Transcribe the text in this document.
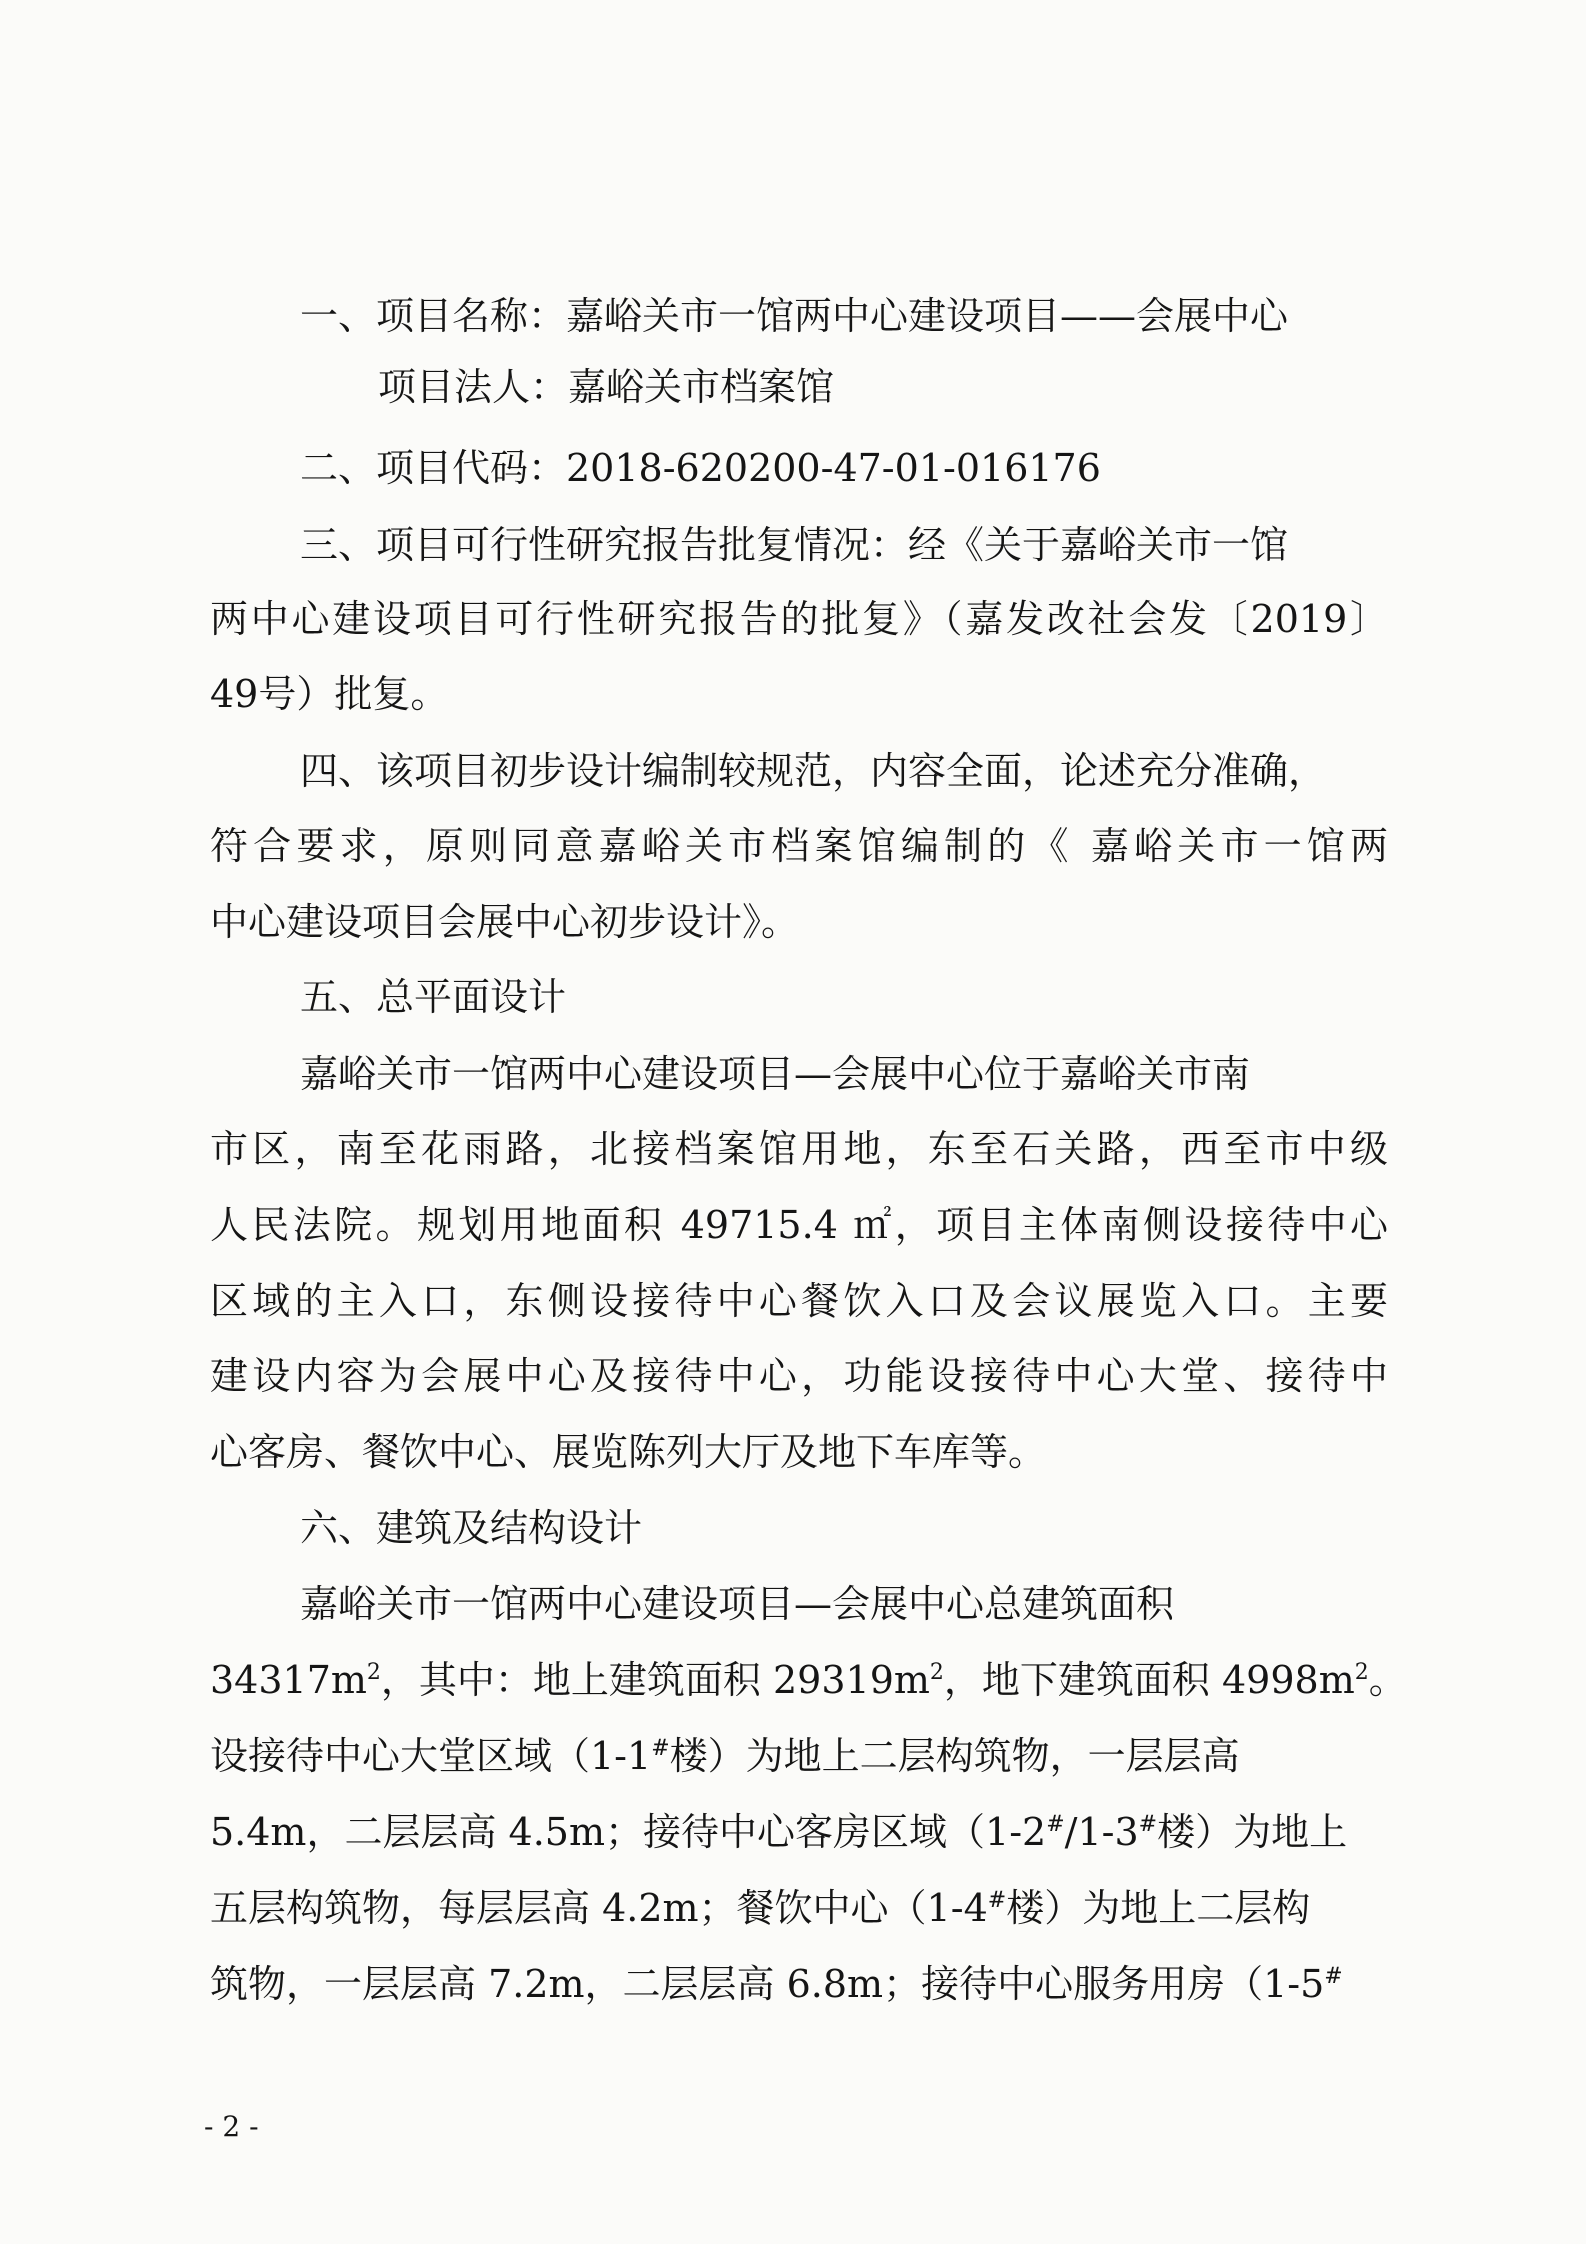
一、项目名称：嘉峪关市一馆两中心建设项目——会展中心
项目法人：嘉峪关市档案馆
二、项目代码：2018-620200-47-01-016176
三、项目可行性研究报告批复情况：经《关于嘉峪关市一馆
两中心建设项目可行性研究报告的批复》（嘉发改社会发〔2019〕
49号）批复。
四、该项目初步设计编制较规范，内容全面，论述充分准确，
符合要求，原则同意嘉峪关市档案馆编制的《 嘉峪关市一馆两
中心建设项目会展中心初步设计》。
五、总平面设计
嘉峪关市一馆两中心建设项目—会展中心位于嘉峪关市南
市区，南至花雨路，北接档案馆用地，东至石关路，西至市中级
人民法院。规划用地面积 49715.4 ㎡，项目主体南侧设接待中心
区域的主入口，东侧设接待中心餐饮入口及会议展览入口。主要
建设内容为会展中心及接待中心，功能设接待中心大堂、接待中
心客房、餐饮中心、展览陈列大厅及地下车库等。
六、建筑及结构设计
嘉峪关市一馆两中心建设项目—会展中心总建筑面积
$34317m^2$，其中：地上建筑面积 $29319m^2$，地下建筑面积 $4998m^2$。
设接待中心大堂区域（1-1#楼）为地上二层构筑物，一层层高
5.4m，二层层高 4.5m；接待中心客房区域（1-2#/1-3#楼）为地上
五层构筑物，每层层高 4.2m；餐饮中心（1-4#楼）为地上二层构
筑物，一层层高 7.2m，二层层高 6.8m；接待中心服务用房（1-5#
- 2 -
